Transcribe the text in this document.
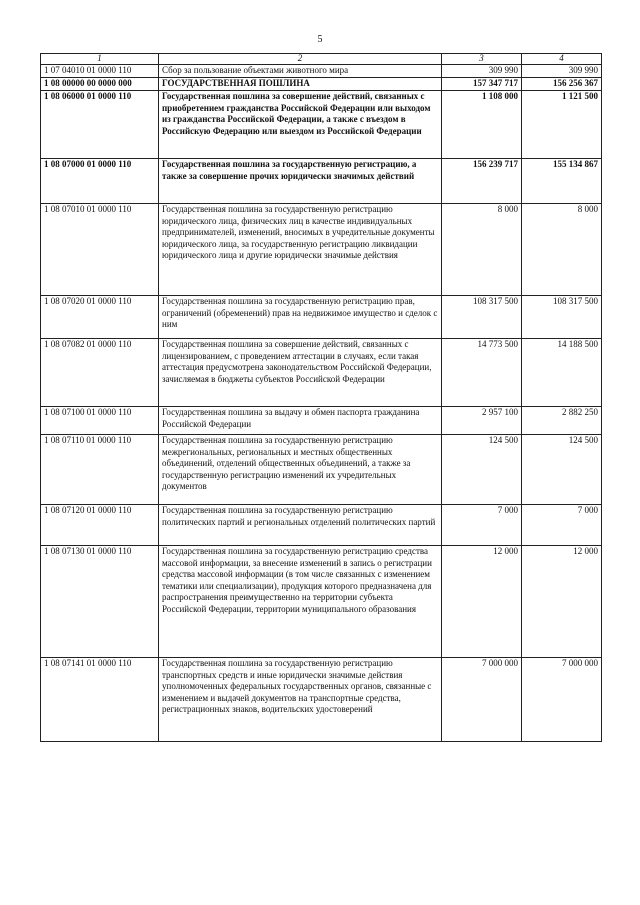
5
1	2	3	4
1 07 04010 01 0000 110	Сбор за пользование объектами животного мира	309 990	309 990
1 08 00000 00 0000 000	ГОСУДАРСТВЕННАЯ ПОШЛИНА	157 347 717	156 256 367
1 08 06000 01 0000 110	Государственная пошлина за совершение действий, связанных с приобретением гражданства Российской Федерации или выходом из гражданства Российской Федерации, а также с въездом в Российскую Федерацию или выездом из Российской Федерации	1 108 000	1 121 500
1 08 07000 01 0000 110	Государственная пошлина за государственную регистрацию, а также за совершение прочих юридически значимых действий	156 239 717	155 134 867
1 08 07010 01 0000 110	Государственная пошлина за государственную регистрацию юридического лица, физических лиц в качестве индивидуальных предпринимателей, изменений, вносимых в учредительные документы юридического лица, за государственную регистрацию ликвидации юридического лица и другие юридически значимые действия	8 000	8 000
1 08 07020 01 0000 110	Государственная пошлина за государственную регистрацию прав, ограничений (обременений) прав на недвижимое имущество и сделок с ним	108 317 500	108 317 500
1 08 07082 01 0000 110	Государственная пошлина за совершение действий, связанных с лицензированием, с проведением аттестации в случаях, если такая аттестация предусмотрена законодательством Российской Федерации, зачисляемая в бюджеты субъектов Российской Федерации	14 773 500	14 188 500
1 08 07100 01 0000 110	Государственная пошлина за выдачу и обмен паспорта гражданина Российской Федерации	2 957 100	2 882 250
1 08 07110 01 0000 110	Государственная пошлина за государственную регистрацию межрегиональных, региональных и местных общественных объединений, отделений общественных объединений, а также за государственную регистрацию изменений их учредительных документов	124 500	124 500
1 08 07120 01 0000 110	Государственная пошлина за государственную регистрацию политических партий и региональных отделений политических партий	7 000	7 000
1 08 07130 01 0000 110	Государственная пошлина за государственную регистрацию средства массовой информации, за внесение изменений в запись о регистрации средства массовой информации (в том числе связанных с изменением тематики или специализации), продукция которого предназначена для распространения преимущественно на территории субъекта Российской Федерации, территории муниципального образования	12 000	12 000
1 08 07141 01 0000 110	Государственная пошлина за государственную регистрацию транспортных средств и иные юридически значимые действия уполномоченных федеральных государственных органов, связанные с изменением и выдачей документов на транспортные средства, регистрационных знаков, водительских удостоверений	7 000 000	7 000 000
